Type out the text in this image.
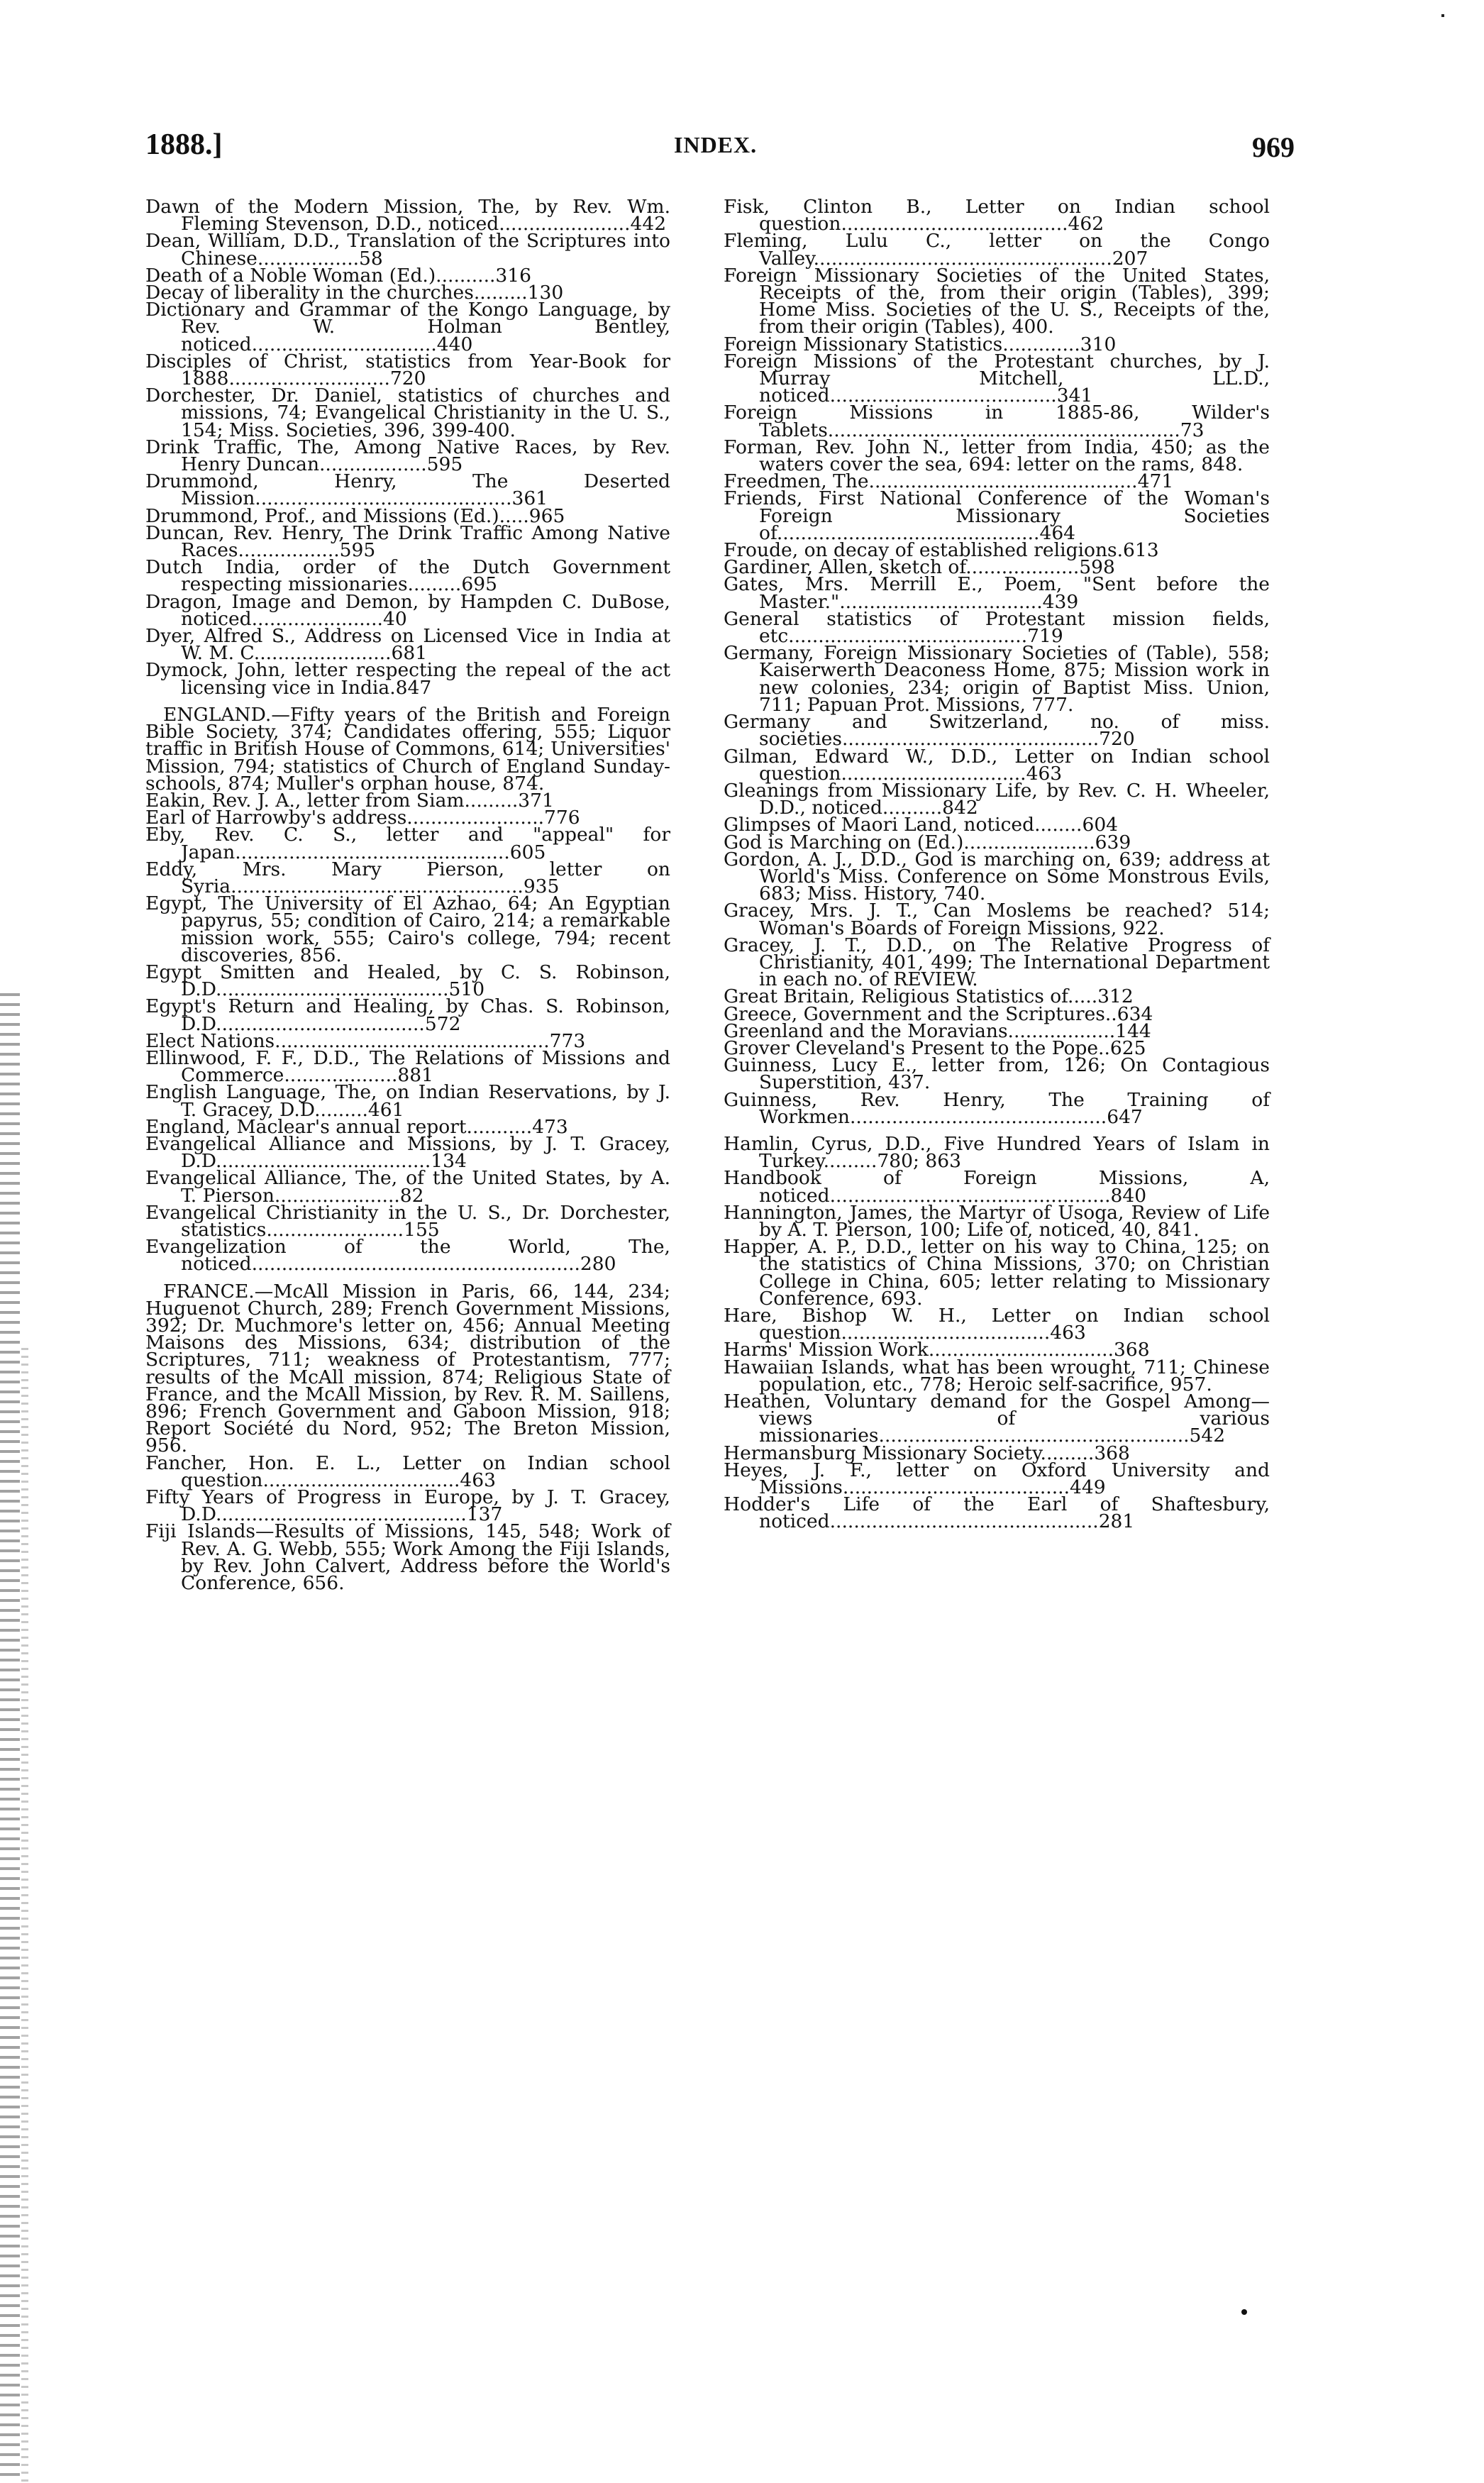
1888.]	INDEX.	969

Dawn of the Modern Mission, The, by Rev. Wm. Fleming Stevenson, D.D., noticed......................442

Dean, William, D.D., Translation of the Scriptures into Chinese.................58

Death of a Noble Woman (Ed.)..........316

Decay of liberality in the churches.........130

Dictionary and Grammar of the Kongo Language, by Rev. W. Holman Bentley, noticed...............................440

Disciples of Christ, statistics from Year-Book for 1888...........................720

Dorchester, Dr. Daniel, statistics of churches and missions, 74; Evangelical Christianity in the U. S., 154; Miss. Societies, 396, 399-400.

Drink Traffic, The, Among Native Races, by Rev. Henry Duncan..................595

Drummond, Henry, The Deserted Mission...........................................361

Drummond, Prof., and Missions (Ed.).....965

Duncan, Rev. Henry, The Drink Traffic Among Native Races.................595

Dutch India, order of the Dutch Government respecting missionaries.........695

Dragon, Image and Demon, by Hampden C. DuBose, noticed......................40

Dyer, Alfred S., Address on Licensed Vice in India at W. M. C.......................681

Dymock, John, letter respecting the repeal of the act licensing vice in India.847

ENGLAND.—Fifty years of the British and Foreign Bible Society, 374; Candidates offering, 555; Liquor traffic in British House of Commons, 614; Universities' Mission, 794; statistics of Church of England Sunday-schools, 874; Muller's orphan house, 874.

Eakin, Rev. J. A., letter from Siam.........371

Earl of Harrowby's address.......................776

Eby, Rev. C. S., letter and "appeal" for Japan..............................................605

Eddy, Mrs. Mary Pierson, letter on Syria.................................................935

Egypt, The University of El Azhao, 64; An Egyptian papyrus, 55; condition of Cairo, 214; a remarkable mission work, 555; Cairo's college, 794; recent discoveries, 856.

Egypt Smitten and Healed, by C. S. Robinson, D.D.......................................510

Egypt's Return and Healing, by Chas. S. Robinson, D.D...................................572

Elect Nations..............................................773

Ellinwood, F. F., D.D., The Relations of Missions and Commerce...................881

English Language, The, on Indian Reservations, by J. T. Gracey, D.D.........461

England, Maclear's annual report...........473

Evangelical Alliance and Missions, by J. T. Gracey, D.D....................................134

Evangelical Alliance, The, of the United States, by A. T. Pierson.....................82

Evangelical Christianity in the U. S., Dr. Dorchester, statistics.......................155

Evangelization of the World, The, noticed.......................................................280

FRANCE.—McAll Mission in Paris, 66, 144, 234; Huguenot Church, 289; French Government Missions, 392; Dr. Muchmore's letter on, 456; Annual Meeting Maisons des Missions, 634; distribution of the Scriptures, 711; weakness of Protestantism, 777; results of the McAll mission, 874; Religious State of France, and the McAll Mission, by Rev. R. M. Saillens, 896; French Government and Gaboon Mission, 918; Report Société du Nord, 952; The Breton Mission, 956.

Fancher, Hon. E. L., Letter on Indian school question.................................463

Fifty Years of Progress in Europe, by J. T. Gracey, D.D..........................................137

Fiji Islands—Results of Missions, 145, 548; Work of Rev. A. G. Webb, 555; Work Among the Fiji Islands, by Rev. John Calvert, Address before the World's Conference, 656.

Fisk, Clinton B., Letter on Indian school question......................................462

Fleming, Lulu C., letter on the Congo Valley..................................................207

Foreign Missionary Societies of the United States, Receipts of the, from their origin (Tables), 399; Home Miss. Societies of the U. S., Receipts of the, from their origin (Tables), 400.

Foreign Missionary Statistics.............310

Foreign Missions of the Protestant churches, by J. Murray Mitchell, LL.D., noticed......................................341

Foreign Missions in 1885-86, Wilder's Tablets...........................................................73

Forman, Rev. John N., letter from India, 450; as the waters cover the sea, 694: letter on the rams, 848.

Freedmen, The.............................................471

Friends, First National Conference of the Woman's Foreign Missionary Societies of............................................464

Froude, on decay of established religions.613

Gardiner, Allen, sketch of...................598

Gates, Mrs. Merrill E., Poem, "Sent before the Master."..................................439

General statistics of Protestant mission fields, etc........................................719

Germany, Foreign Missionary Societies of (Table), 558; Kaiserwerth Deaconess Home, 875; Mission work in new colonies, 234; origin of Baptist Miss. Union, 711; Papuan Prot. Missions, 777.

Germany and Switzerland, no. of miss. societies...........................................720

Gilman, Edward W., D.D., Letter on Indian school question...............................463

Gleanings from Missionary Life, by Rev. C. H. Wheeler, D.D., noticed..........842

Glimpses of Maori Land, noticed........604

God is Marching on (Ed.)......................639

Gordon, A. J., D.D., God is marching on, 639; address at World's Miss. Conference on Some Monstrous Evils, 683; Miss. History, 740.

Gracey, Mrs. J. T., Can Moslems be reached? 514; Woman's Boards of Foreign Missions, 922.

Gracey, J. T., D.D., on The Relative Progress of Christianity, 401, 499; The International Department in each no. of REVIEW.

Great Britain, Religious Statistics of.....312

Greece, Government and the Scriptures..634

Greenland and the Moravians..................144

Grover Cleveland's Present to the Pope..625

Guinness, Lucy E., letter from, 126; On Contagious Superstition, 437.

Guinness, Rev. Henry, The Training of Workmen...........................................647

Hamlin, Cyrus, D.D., Five Hundred Years of Islam in Turkey.........780; 863

Handbook of Foreign Missions, A, noticed...............................................840

Hannington, James, the Martyr of Usoga, Review of Life by A. T. Pierson, 100; Life of, noticed, 40, 841.

Happer, A. P., D.D., letter on his way to China, 125; on the statistics of China Missions, 370; on Christian College in China, 605; letter relating to Missionary Conference, 693.

Hare, Bishop W. H., Letter on Indian school question...................................463

Harms' Mission Work...............................368

Hawaiian Islands, what has been wrought, 711; Chinese population, etc., 778; Heroic self-sacrifice, 957.

Heathen, Voluntary demand for the Gospel Among—views of various missionaries....................................................542

Hermansburg Missionary Society.........368

Heyes, J. F., letter on Oxford University and Missions......................................449

Hodder's Life of the Earl of Shaftesbury, noticed.............................................281
